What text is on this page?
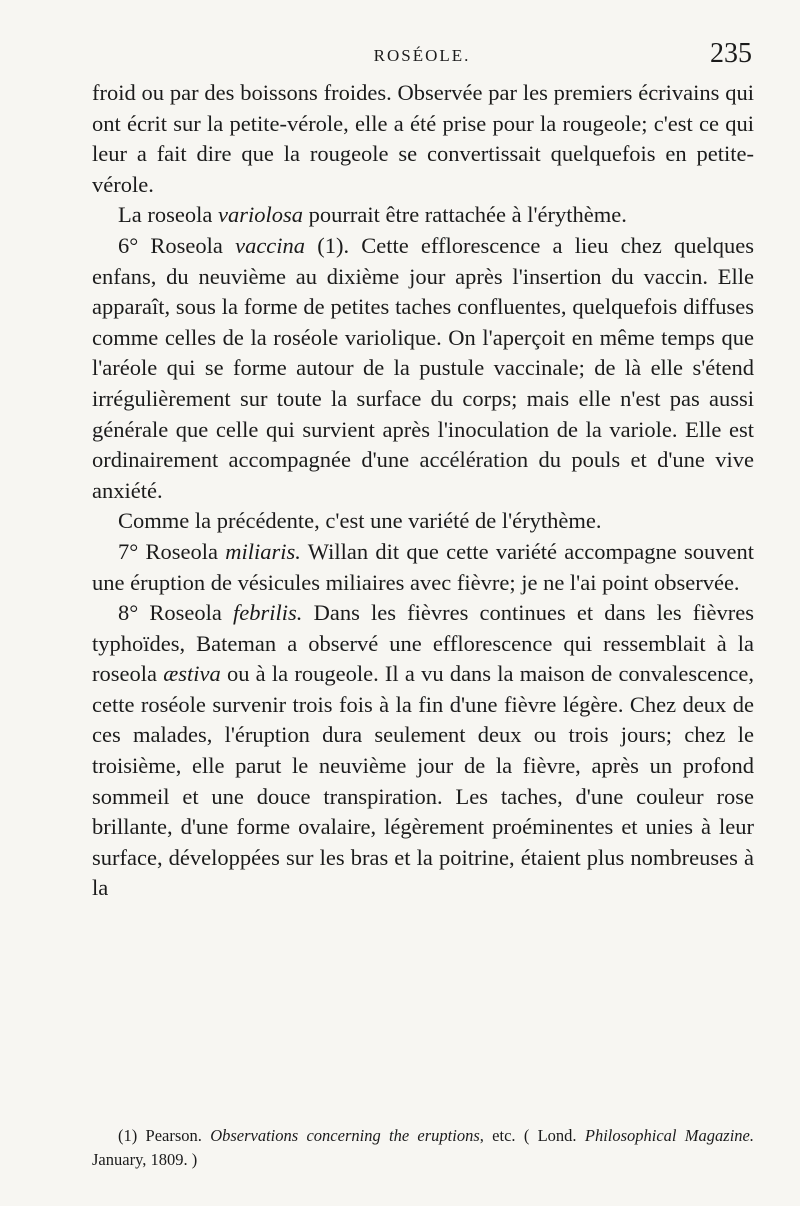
ROSÉOLE.	235

froid ou par des boissons froides. Observée par les premiers écrivains qui ont écrit sur la petite-vérole, elle a été prise pour la rougeole; c'est ce qui leur a fait dire que la rougeole se convertissait quelquefois en petite-vérole.

La roseola variolosa pourrait être rattachée à l'érythème.

6° Roseola vaccina (1). Cette efflorescence a lieu chez quelques enfans, du neuvième au dixième jour après l'insertion du vaccin. Elle apparaît, sous la forme de petites taches confluentes, quelquefois diffuses comme celles de la roséole variolique. On l'aperçoit en même temps que l'aréole qui se forme autour de la pustule vaccinale; de là elle s'étend irrégulièrement sur toute la surface du corps; mais elle n'est pas aussi générale que celle qui survient après l'inoculation de la variole. Elle est ordinairement accompagnée d'une accélération du pouls et d'une vive anxiété.

Comme la précédente, c'est une variété de l'érythème.

7° Roseola miliaris. Willan dit que cette variété accompagne souvent une éruption de vésicules miliaires avec fièvre; je ne l'ai point observée.

8° Roseola febrilis. Dans les fièvres continues et dans les fièvres typhoïdes, Bateman a observé une efflorescence qui ressemblait à la roseola æstiva ou à la rougeole. Il a vu dans la maison de convalescence, cette roséole survenir trois fois à la fin d'une fièvre légère. Chez deux de ces malades, l'éruption dura seulement deux ou trois jours; chez le troisième, elle parut le neuvième jour de la fièvre, après un profond sommeil et une douce transpiration. Les taches, d'une couleur rose brillante, d'une forme ovalaire, légèrement proéminentes et unies à leur surface, développées sur les bras et la poitrine, étaient plus nombreuses à la

(1) Pearson. Observations concerning the eruptions, etc. ( Lond. Philosophical Magazine. January, 1809. )
